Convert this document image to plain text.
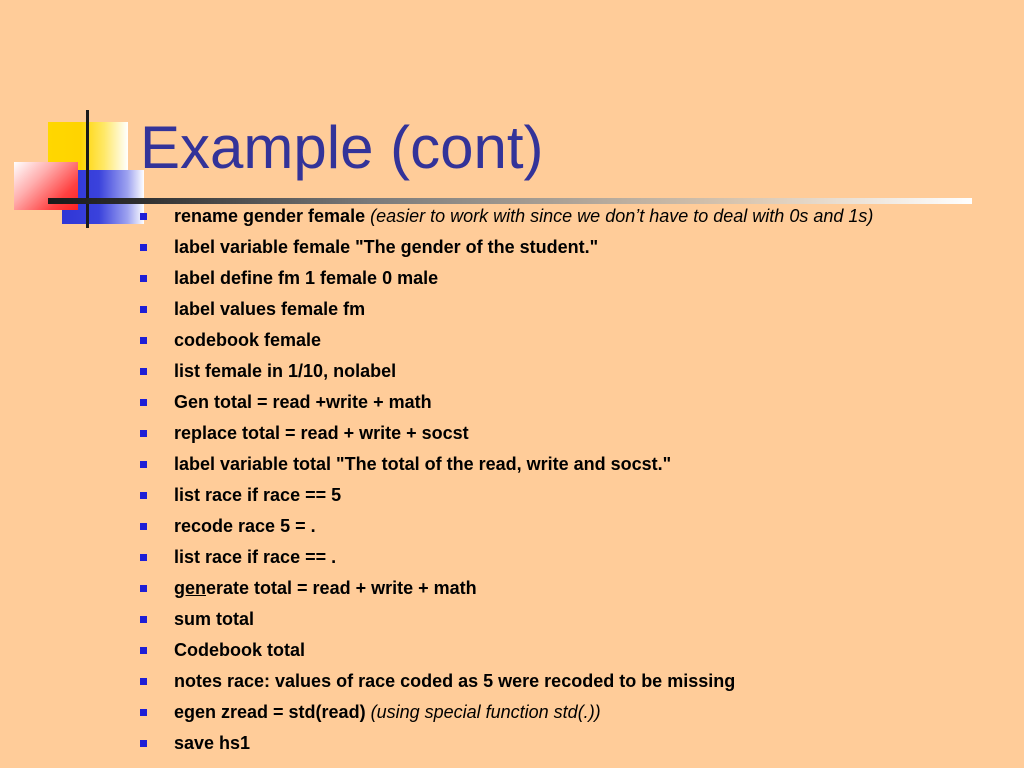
Example (cont)
rename gender female (easier to work with since we don’t have to deal with 0s and 1s)
label variable female "The gender of the student."
label define fm 1 female 0 male
label values female fm
codebook female
list female in 1/10, nolabel
Gen total = read +write + math
replace total = read + write + socst
label variable total "The total of the read, write and socst."
list race if race == 5
recode race 5 = .
list race if race == .
generate total = read + write + math
sum total
Codebook total
notes race: values of race coded as 5 were recoded to be missing
egen zread = std(read) (using special function std(.))
save hs1
